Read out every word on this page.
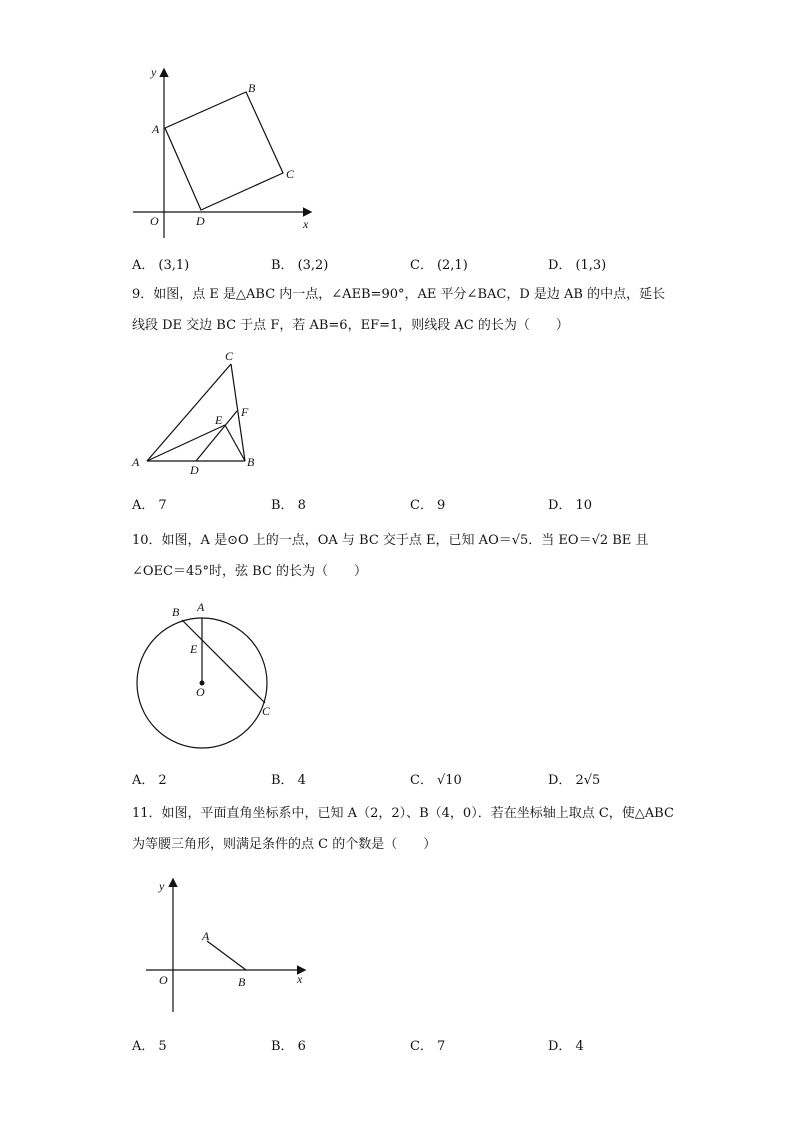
y
x
O
A
B
C
D
A． (3,1)	B． (3,2)	C． (2,1)	D． (1,3)
9．如图，点 E 是△ABC 内一点，∠AEB=90°，AE 平分∠BAC，D 是边 AB 的中点，延长
线段 DE 交边 BC 于点 F，若 AB=6，EF=1，则线段 AC 的长为（　　）
C
E
F
A
D
B
A． 7	B． 8	C． 9	D． 10
10．如图，A 是⊙O 上的一点，OA 与 BC 交于点 E，已知 AO＝√5．当 EO＝√2 BE 且
∠OEC＝45°时，弦 BC 的长为（　　）
B A
E
O
C
A． 2	B． 4	C． √10	D． 2√5
11．如图，平面直角坐标系中，已知 A（2，2）、B（4，0）．若在坐标轴上取点 C，使△ABC
为等腰三角形，则满足条件的点 C 的个数是（　　）
y
x
O
A
B
A． 5	B． 6	C． 7	D． 4
